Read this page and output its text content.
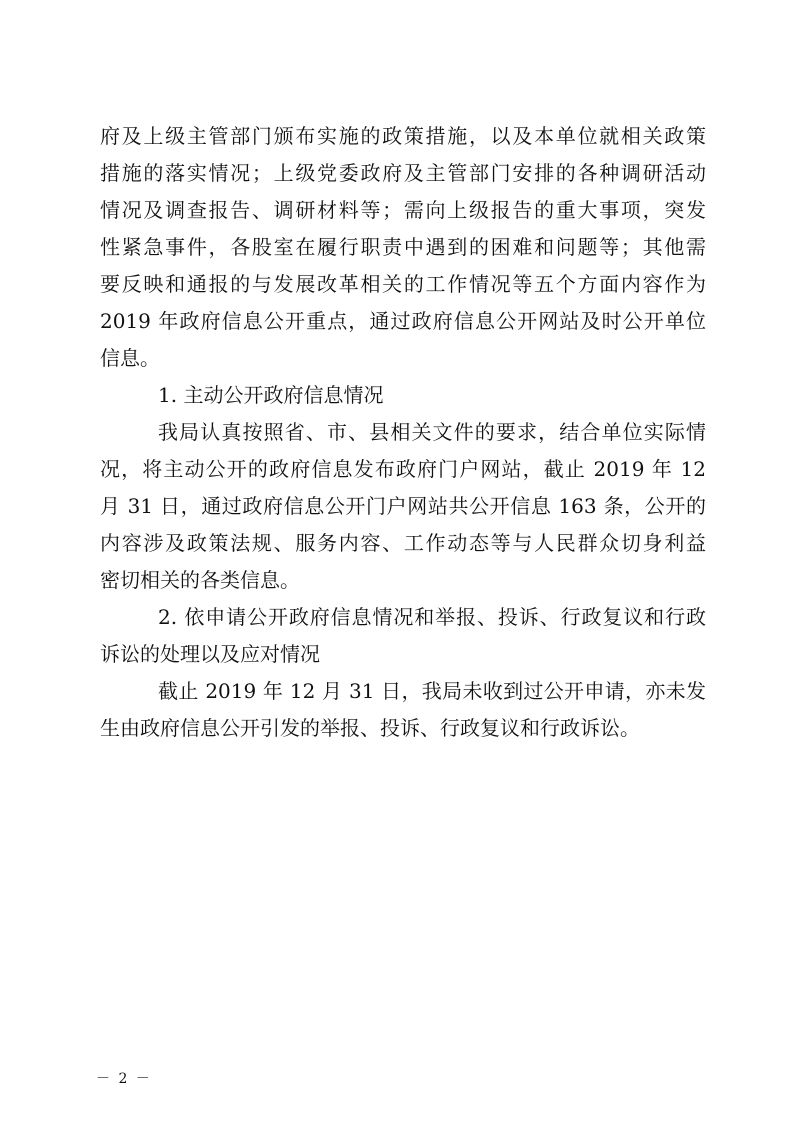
府及上级主管部门颁布实施的政策措施，以及本单位就相关政策
措施的落实情况；上级党委政府及主管部门安排的各种调研活动
情况及调查报告、调研材料等；需向上级报告的重大事项，突发
性紧急事件，各股室在履行职责中遇到的困难和问题等；其他需
要反映和通报的与发展改革相关的工作情况等五个方面内容作为
2019 年政府信息公开重点，通过政府信息公开网站及时公开单位
信息。
1. 主动公开政府信息情况
我局认真按照省、市、县相关文件的要求，结合单位实际情
况，将主动公开的政府信息发布政府门户网站，截止 2019 年 12
月 31 日，通过政府信息公开门户网站共公开信息 163 条，公开的
内容涉及政策法规、服务内容、工作动态等与人民群众切身利益
密切相关的各类信息。
2. 依申请公开政府信息情况和举报、投诉、行政复议和行政
诉讼的处理以及应对情况
截止 2019 年 12 月 31 日，我局未收到过公开申请，亦未发
生由政府信息公开引发的举报、投诉、行政复议和行政诉讼。
－ 2 －
